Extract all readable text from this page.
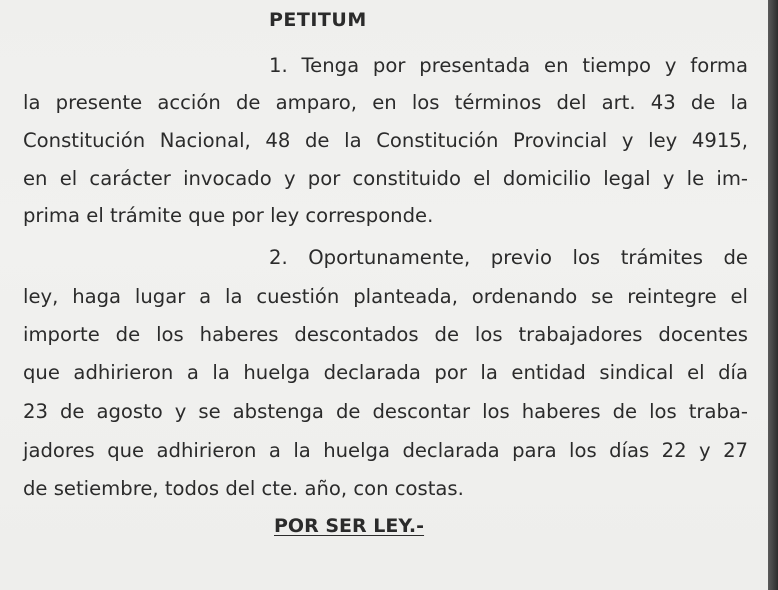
PETITUM
1. Tenga por presentada en tiempo y forma
la presente acción de amparo, en los términos del art. 43 de la
Constitución Nacional, 48 de la Constitución Provincial y ley 4915,
en el carácter invocado y por constituido el domicilio legal y le im-
prima el trámite que por ley corresponde.
2. Oportunamente, previo los trámites de
ley, haga lugar a la cuestión planteada, ordenando se reintegre el
importe de los haberes descontados de los trabajadores docentes
que adhirieron a la huelga declarada por la entidad sindical el día
23 de agosto y se abstenga de descontar los haberes de los traba-
jadores que adhirieron a la huelga declarada para los días 22 y 27
de setiembre, todos del cte. año, con costas.
POR SER LEY.-
